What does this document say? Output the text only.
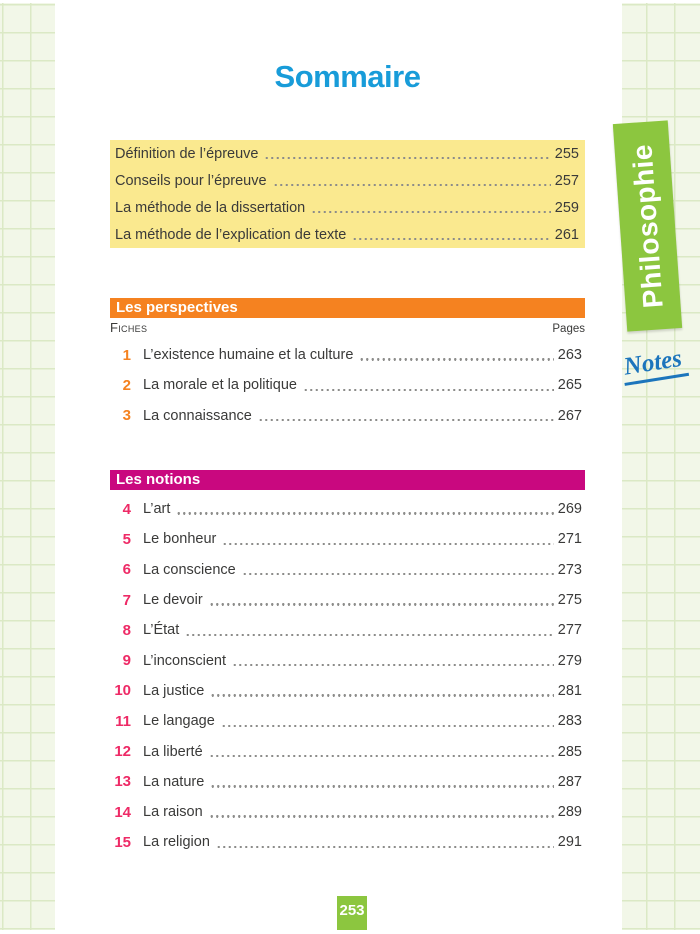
Sommaire
Définition de l’épreuve	255
Conseils pour l’épreuve	257
La méthode de la dissertation	259
La méthode de l’explication de texte	261
Les perspectives
Fiches	Pages
1 L’existence humaine et la culture	263
2 La morale et la politique	265
3 La connaissance	267
Les notions
4 L’art	269
5 Le bonheur	271
6 La conscience	273
7 Le devoir	275
8 L’État	277
9 L’inconscient	279
10 La justice	281
11 Le langage	283
12 La liberté	285
13 La nature	287
14 La raison	289
15 La religion	291
253
Philosophie
Notes
